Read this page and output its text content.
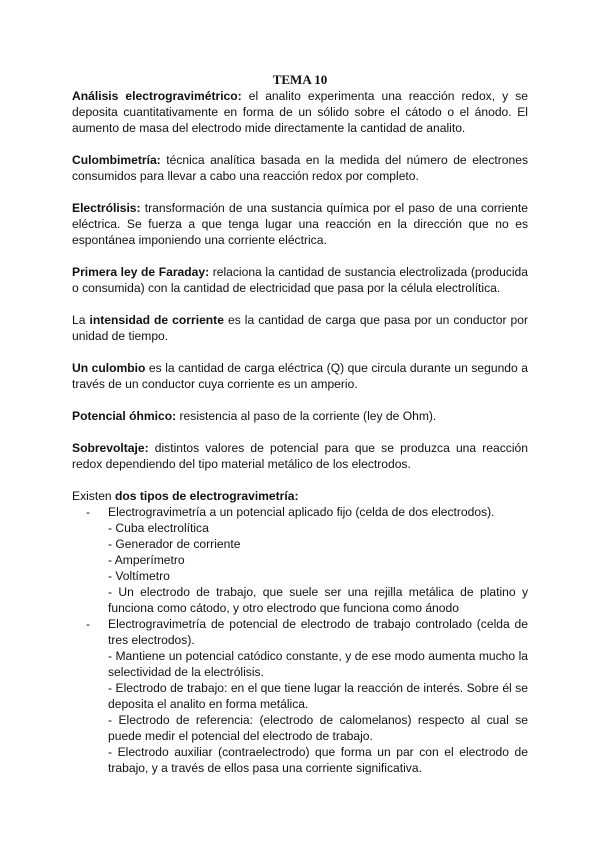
TEMA 10

Análisis electrogravimétrico: el analito experimenta una reacción redox, y se deposita cuantitativamente en forma de un sólido sobre el cátodo o el ánodo. El aumento de masa del electrodo mide directamente la cantidad de analito.

Culombimetría: técnica analítica basada en la medida del número de electrones consumidos para llevar a cabo una reacción redox por completo.

Electrólisis: transformación de una sustancia química por el paso de una corriente eléctrica. Se fuerza a que tenga lugar una reacción en la dirección que no es espontánea imponiendo una corriente eléctrica.

Primera ley de Faraday: relaciona la cantidad de sustancia electrolizada (producida o consumida) con la cantidad de electricidad que pasa por la célula electrolítica.

La intensidad de corriente es la cantidad de carga que pasa por un conductor por unidad de tiempo.

Un culombio es la cantidad de carga eléctrica (Q) que circula durante un segundo a través de un conductor cuya corriente es un amperio.

Potencial óhmico: resistencia al paso de la corriente (ley de Ohm).

Sobrevoltaje: distintos valores de potencial para que se produzca una reacción redox dependiendo del tipo material metálico de los electrodos.

Existen dos tipos de electrogravimetría:

- Electrogravimetría a un potencial aplicado fijo (celda de dos electrodos).
- Cuba electrolítica
- Generador de corriente
- Amperímetro
- Voltímetro
- Un electrodo de trabajo, que suele ser una rejilla metálica de platino y funciona como cátodo, y otro electrodo que funciona como ánodo
- Electrogravimetría de potencial de electrodo de trabajo controlado (celda de tres electrodos).
- Mantiene un potencial catódico constante, y de ese modo aumenta mucho la selectividad de la electrólisis.
- Electrodo de trabajo: en el que tiene lugar la reacción de interés. Sobre él se deposita el analito en forma metálica.
- Electrodo de referencia: (electrodo de calomelanos) respecto al cual se puede medir el potencial del electrodo de trabajo.
- Electrodo auxiliar (contraelectrodo) que forma un par con el electrodo de trabajo, y a través de ellos pasa una corriente significativa.
